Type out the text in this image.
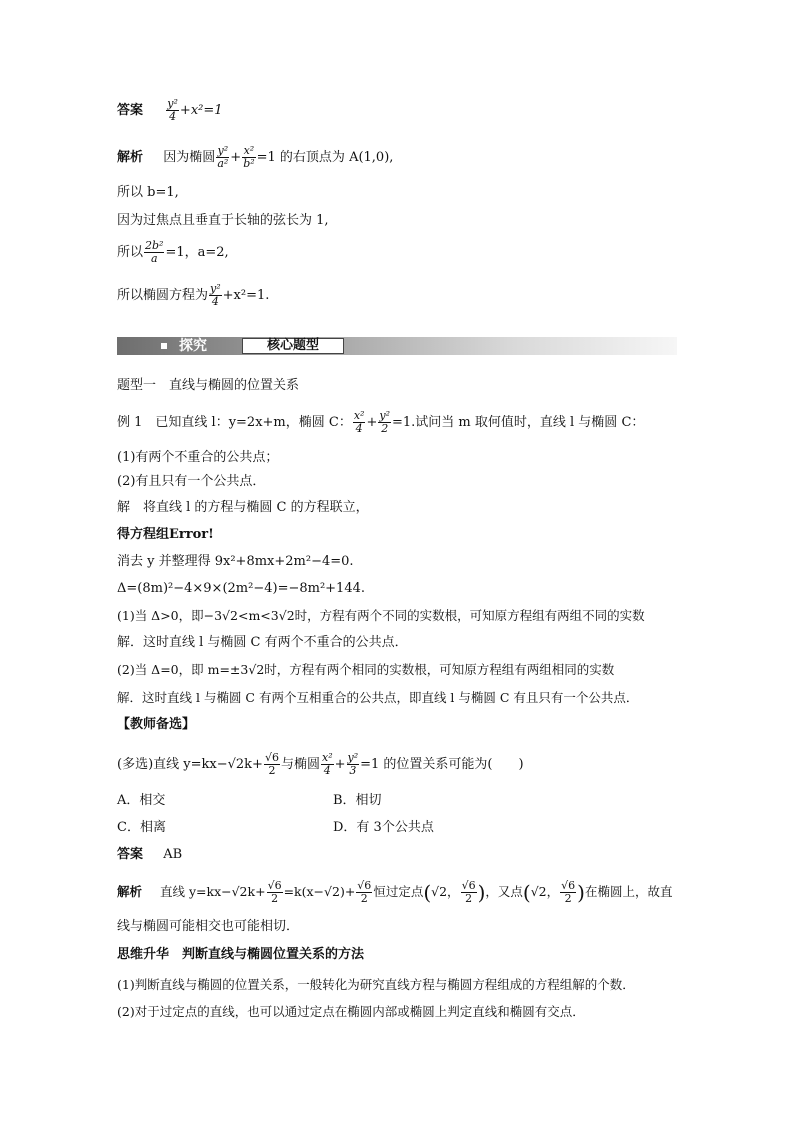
答案 $\frac{\text{y²}}{4} +x^2=1$
解析 因为椭圆 $\frac{\text{y²}}{\text{a²}} + \frac{\text{x²}}{\text{b²}} =1$ 的右顶点为 A(1,0),
所以 b=1,
因为过焦点且垂直于长轴的弦长为 1,
所以 $\frac{\text{2b²}}{a} =1$，a=2,
所以椭圆方程为 $\frac{\text{y²}}{4} +x^2=1$.
探究	核心题型
题型一　直线与椭圆的位置关系
例 1　已知直线 l：y=2x+m，椭圆 C： $\frac{\text{x²}}{4} + \frac{\text{y²}}{2} =1$.试问当 m 取何值时，直线 l 与椭圆 C：
(1)有两个不重合的公共点；
(2)有且只有一个公共点．
解　将直线 l 的方程与椭圆 C 的方程联立，
得方程组Error!
消去 y 并整理得 9x²+8mx+2m²−4=0.
Δ=(8m)²−4×9×(2m²−4)=−8m²+144.
(1)当 Δ>0，即−3√2<m<3√2时，方程有两个不同的实数根，可知原方程组有两组不同的实数
解．这时直线 l 与椭圆 C 有两个不重合的公共点．
(2)当 Δ=0，即 m=±3√2时，方程有两个相同的实数根，可知原方程组有两组相同的实数
解．这时直线 l 与椭圆 C 有两个互相重合的公共点，即直线 l 与椭圆 C 有且只有一个公共点．
【教师备选】
(多选)直线 $y=kx-√2k+ \frac{√6}{2}$ 与椭圆 $\frac{\text{x²}}{4} + \frac{\text{y²}}{3} =1$ 的位置关系可能为(　　)
A．相交	B．相切
C．相离	D．有 3个公共点
答案 AB
解析 直线 $y=kx-√2k+ \frac{√6}{2} =k(x-√2)+ \frac{√6}{2}$ 恒过定点(√2， $\frac{√6}{2}$ )，又点(√2， $\frac{√6}{2}$ )在椭圆上，故直
线与椭圆可能相交也可能相切．
思维升华　判断直线与椭圆位置关系的方法
(1)判断直线与椭圆的位置关系，一般转化为研究直线方程与椭圆方程组成的方程组解的个数．
(2)对于过定点的直线，也可以通过定点在椭圆内部或椭圆上判定直线和椭圆有交点．
